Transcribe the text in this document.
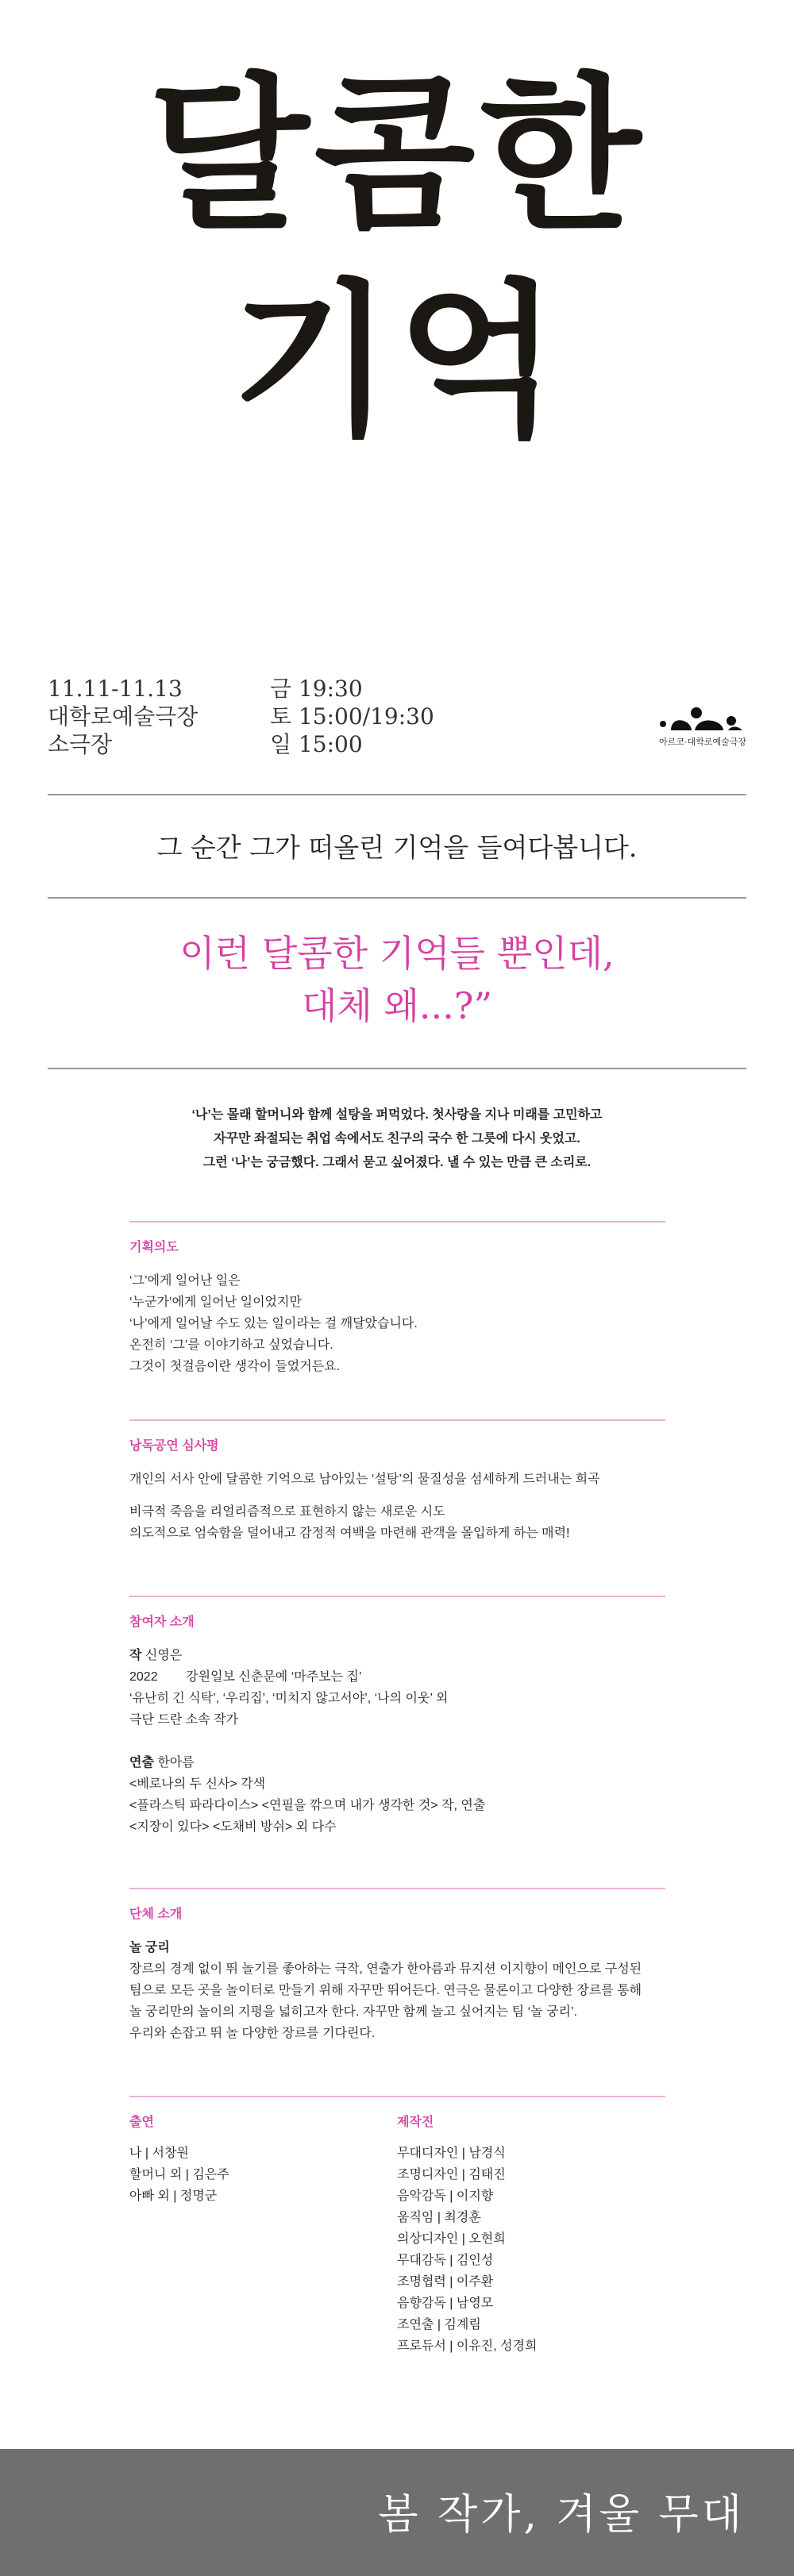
달콤한
기억
11.11-11.13
대학로예술극장
소극장
금 19:30
토 15:00/19:30
일 15:00	아르코·대학로예술극장
그 순간 그가 떠올린 기억을 들여다봅니다.
이런 달콤한 기억들 뿐인데,
대체 왜...?”
‘나’는 몰래 할머니와 함께 설탕을 퍼먹었다. 첫사랑을 지나 미래를 고민하고
자꾸만 좌절되는 취업 속에서도 친구의 국수 한 그릇에 다시 웃었고.
그런 ‘나’는 궁금했다. 그래서 묻고 싶어졌다. 낼 수 있는 만큼 큰 소리로.
기획의도
‘그’에게 일어난 일은
‘누군가’에게 일어난 일이었지만
‘나’에게 일어날 수도 있는 일이라는 걸 깨달았습니다.
온전히 ‘그’를 이야기하고 싶었습니다.
그것이 첫걸음이란 생각이 들었거든요.
낭독공연 심사평
개인의 서사 안에 달콤한 기억으로 남아있는 ‘설탕’의 물질성을 섬세하게 드러내는 희곡
비극적 죽음을 리얼리즘적으로 표현하지 않는 새로운 시도
의도적으로 엄숙함을 덜어내고 감정적 여백을 마련해 관객을 몰입하게 하는 매력!
참여자 소개
작 신영은
2022        강원일보 신춘문예 ‘마주보는 집’
‘유난히 긴 식탁’, ‘우리집’, ‘미치지 않고서야’, ‘나의 이웃’ 외
극단 드란 소속 작가
연출 한아름
<베로나의 두 신사> 각색
<플라스틱 파라다이스> <연필을 깎으며 내가 생각한 것> 작, 연출
<지장이 있다> <도채비 방쉬> 외 다수
단체 소개
놀 궁리
장르의 경계 없이 뛰 놀기를 좋아하는 극작, 연출가 한아름과 뮤지션 이지향이 메인으로 구성된
팀으로 모든 곳을 놀이터로 만들기 위해 자꾸만 뛰어든다. 연극은 물론이고 다양한 장르를 통해
놀 궁리만의 놀이의 지평을 넓히고자 한다. 자꾸만 함께 놀고 싶어지는 팀 ‘놀 궁리’.
우리와 손잡고 뛰 놀 다양한 장르를 기다린다.
출연
나 | 서창원
할머니 외 | 김은주
아빠 외 | 정명군
제작진
무대디자인 | 남경식
조명디자인 | 김태진
음악감독 | 이지향
움직임 | 최경훈
의상디자인 | 오현희
무대감독 | 김인성
조명협력 | 이주환
음향감독 | 남영모
조연출 | 김계림
프로듀서 | 이유진, 성경희
봄 작가, 겨울 무대
